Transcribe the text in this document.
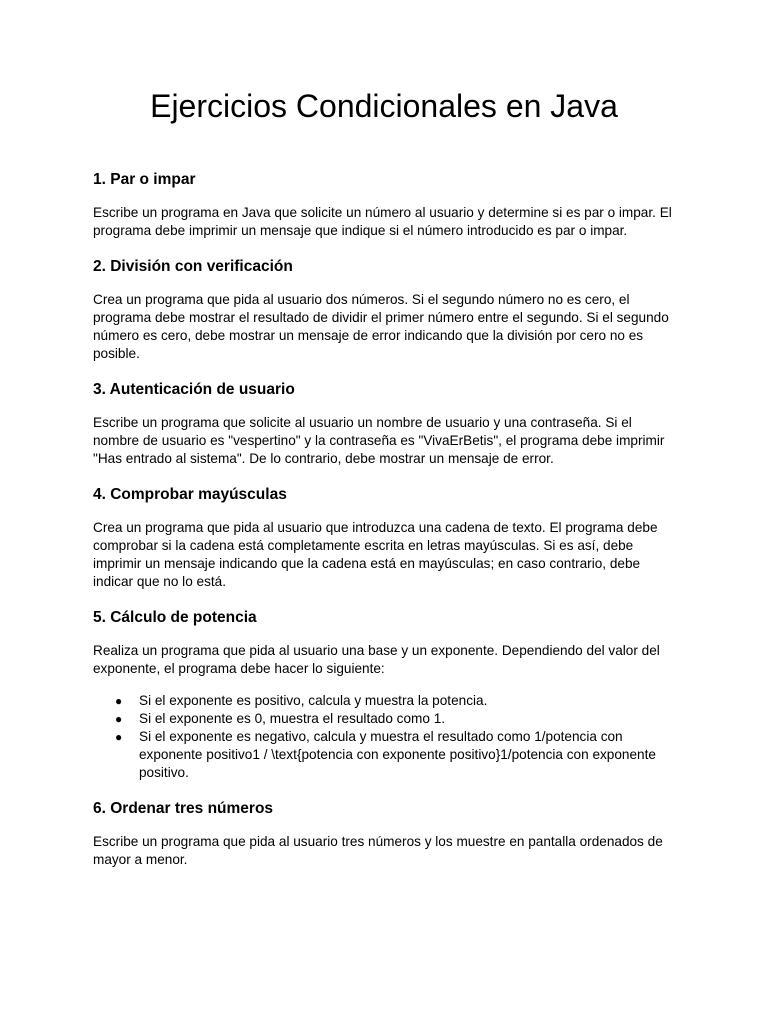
Ejercicios Condicionales en Java
1. Par o impar

Escribe un programa en Java que solicite un número al usuario y determine si es par o impar. El programa debe imprimir un mensaje que indique si el número introducido es par o impar.

2. División con verificación

Crea un programa que pida al usuario dos números. Si el segundo número no es cero, el programa debe mostrar el resultado de dividir el primer número entre el segundo. Si el segundo número es cero, debe mostrar un mensaje de error indicando que la división por cero no es posible.

3. Autenticación de usuario

Escribe un programa que solicite al usuario un nombre de usuario y una contraseña. Si el nombre de usuario es "vespertino" y la contraseña es "VivaErBetis", el programa debe imprimir "Has entrado al sistema". De lo contrario, debe mostrar un mensaje de error.

4. Comprobar mayúsculas

Crea un programa que pida al usuario que introduzca una cadena de texto. El programa debe comprobar si la cadena está completamente escrita en letras mayúsculas. Si es así, debe imprimir un mensaje indicando que la cadena está en mayúsculas; en caso contrario, debe indicar que no lo está.

5. Cálculo de potencia

Realiza un programa que pida al usuario una base y un exponente. Dependiendo del valor del exponente, el programa debe hacer lo siguiente:

● Si el exponente es positivo, calcula y muestra la potencia.
● Si el exponente es 0, muestra el resultado como 1.
● Si el exponente es negativo, calcula y muestra el resultado como 1/potencia con exponente positivo1 / \text{potencia con exponente positivo}1/potencia con exponente positivo.
6. Ordenar tres números

Escribe un programa que pida al usuario tres números y los muestre en pantalla ordenados de mayor a menor.
